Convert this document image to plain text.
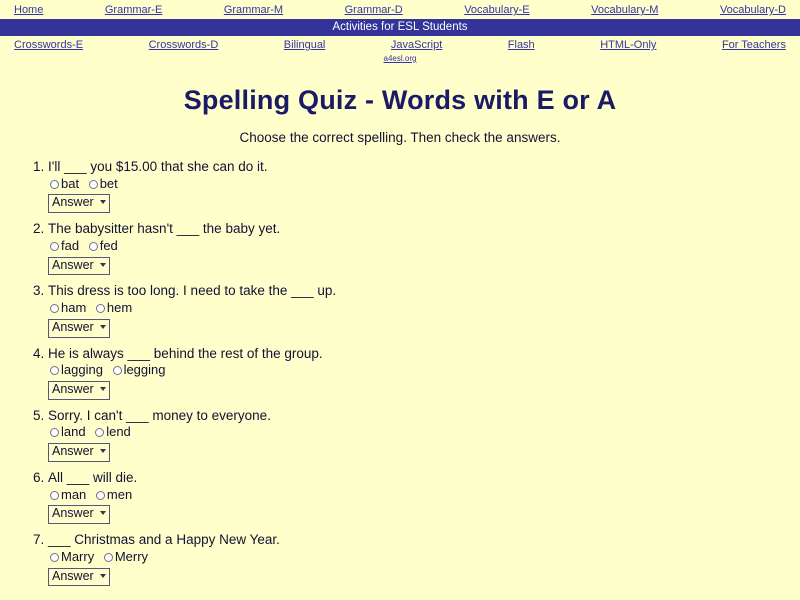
Home	Grammar-E	Grammar-M	Grammar-D	Vocabulary-E	Vocabulary-M	Vocabulary-D
Activities for ESL Students
Crosswords-E	Crosswords-D	Bilingual	JavaScript	Flash	HTML-Only	For Teachers
a4esl.org
Spelling Quiz - Words with E or A
Choose the correct spelling. Then check the answers.
1. I'll ___ you $15.00 that she can do it.
bat bet
Answer
2. The babysitter hasn't ___ the baby yet.
fad fed
Answer
3. This dress is too long. I need to take the ___ up.
ham hem
Answer
4. He is always ___ behind the rest of the group.
lagging legging
Answer
5. Sorry. I can't ___ money to everyone.
land lend
Answer
6. All ___ will die.
man men
Answer
7. ___ Christmas and a Happy New Year.
Marry Merry
Answer
